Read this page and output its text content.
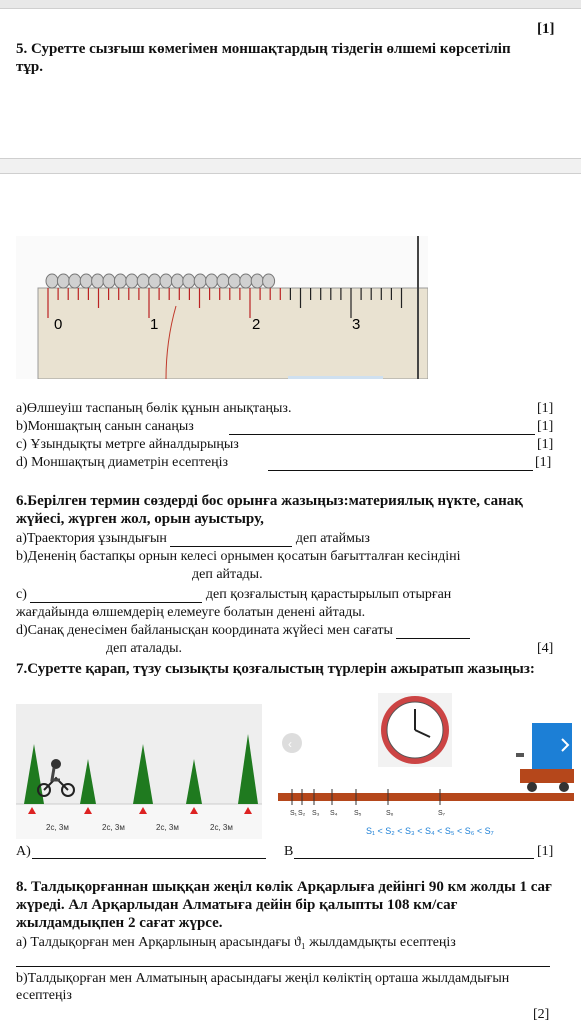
[1]
5. Суретте сызғыш көмегімен моншақтардың тіздегін өлшемі көрсетіліп тұр.
0	1	2	3
a)Өлшеуіш таспаның бөлік құнын анықтаңыз.	[1]
b)Моншақтың санын санаңыз	[1]
c) Ұзындықты метрге айналдырыңыз	[1]
d) Моншақтың диаметрін есептеңіз	[1]
6.Берілген термин сөздерді бос орынға жазыңыз:материялық нүкте, санақ жүйесі, жүрген жол, орын ауыстыру,
a)Траектория ұзындығын	деп атаймыз
b)Дененің бастапқы орнын келесі орнымен қосатын бағытталған кесіндіні
деп айтады.
c)	деп қозғалыстың қарастырылып отырған
жағдайында өлшемдерің елемеуге болатын денені айтады.
d)Санақ денесімен байланысқан координата жүйесі мен сағаты
деп аталады.	[4]
7.Суретте қарап, түзу сызықты қозғалыстың түрлерін ажыратып жазыңыз:
2с, 3м	2с, 3м	2с, 3м	2с, 3м
‹
S₁ S₂ S₃ S₄ S₅	S₆	S₇
S₁ < S₂ < S₃ < S₄ < S₅ < S₆ < S₇
A)	B	[1]
8. Талдықорғаннан шыққан жеңіл көлік Арқарлыға дейінгі 90 км жолды 1 сағ жүреді. Ал Арқарлыдан Алматыға дейін бір қалыпты 108 км/сағ жылдамдықпен 2 сағат жүрсе.
a) Талдықорған мен Арқарлының арасындағы ϑ₁ жылдамдықты есептеңіз
b)Талдықорған мен Алматының арасындағы жеңіл көліктің орташа жылдамдығын есептеңіз
[2]
